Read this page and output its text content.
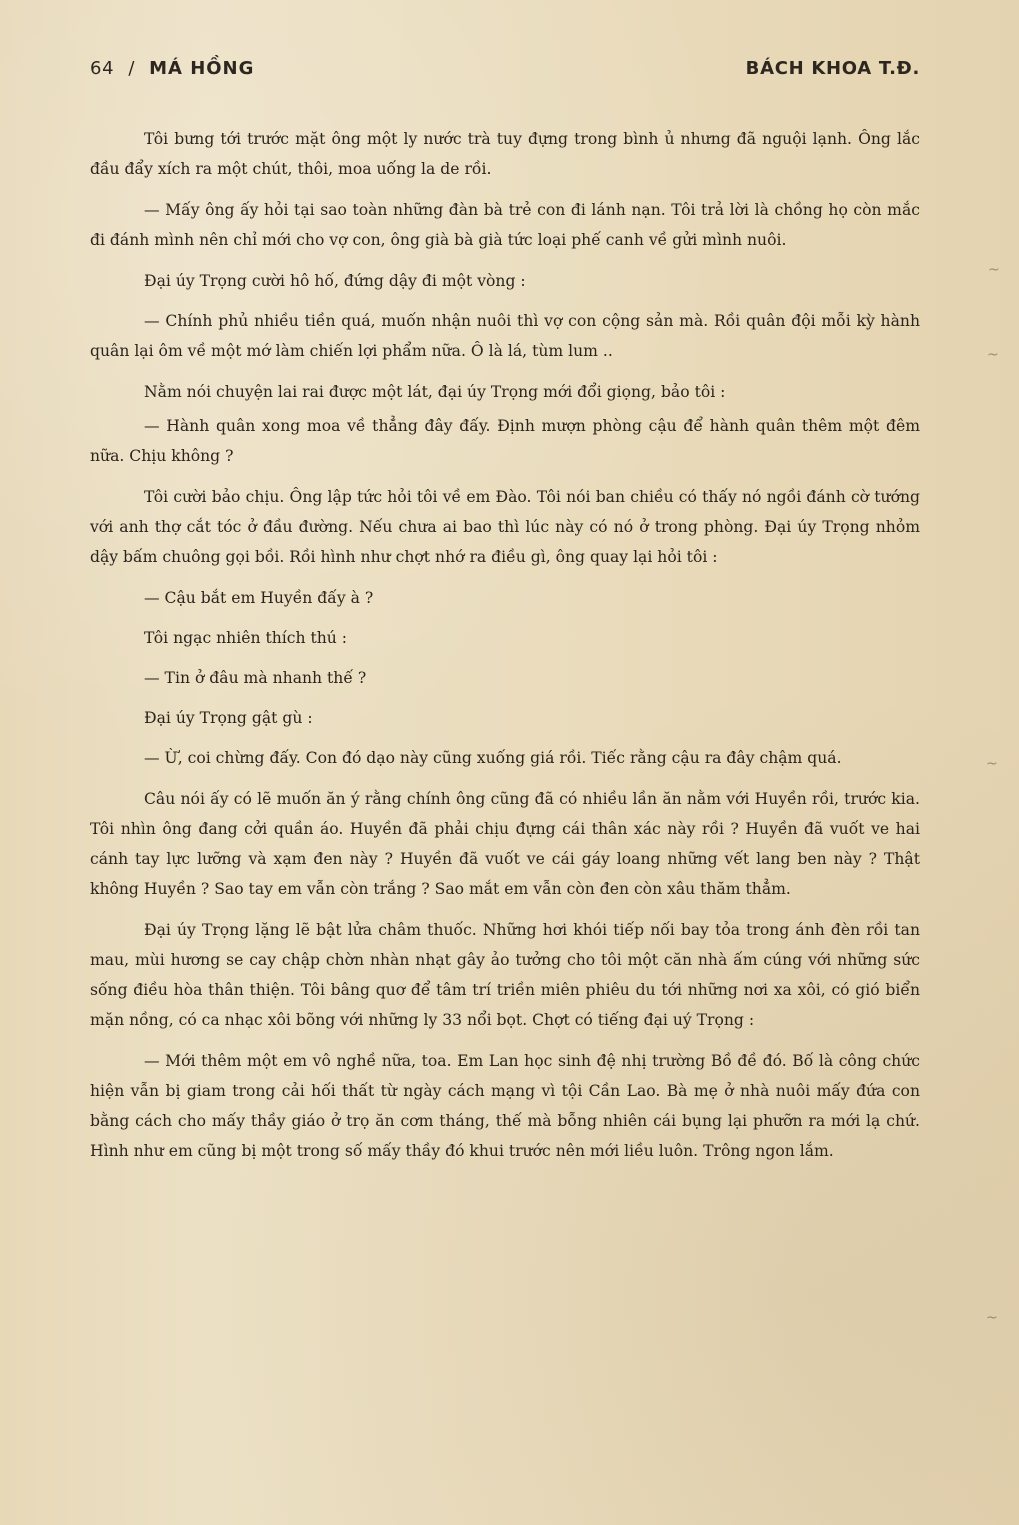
64 / MÁ HỒNG	BÁCH KHOA T.Đ.

Tôi bưng tới trước mặt ông một ly nước trà tuy đựng trong bình ủ nhưng đã nguội lạnh. Ông lắc đầu đẩy xích ra một chút, thôi, moa uống la de rồi.

— Mấy ông ấy hỏi tại sao toàn những đàn bà trẻ con đi lánh nạn. Tôi trả lời là chồng họ còn mắc đi đánh mình nên chỉ mới cho vợ con, ông già bà già tức loại phế canh về gửi mình nuôi.

Đại úy Trọng cười hô hố, đứng dậy đi một vòng :

— Chính phủ nhiều tiền quá, muốn nhận nuôi thì vợ con cộng sản mà. Rồi quân đội mỗi kỳ hành quân lại ôm về một mớ làm chiến lợi phẩm nữa. Ô là lá, tùm lum ..

Nằm nói chuyện lai rai được một lát, đại úy Trọng mới đổi giọng, bảo tôi :

— Hành quân xong moa về thẳng đây đấy. Định mượn phòng cậu để hành quân thêm một đêm nữa. Chịu không ?

Tôi cười bảo chịu. Ông lập tức hỏi tôi về em Đào. Tôi nói ban chiều có thấy nó ngồi đánh cờ tướng với anh thợ cắt tóc ở đầu đường. Nếu chưa ai bao thì lúc này có nó ở trong phòng. Đại úy Trọng nhỏm dậy bấm chuông gọi bồi. Rồi hình như chợt nhớ ra điều gì, ông quay lại hỏi tôi :

— Cậu bắt em Huyền đấy à ?

Tôi ngạc nhiên thích thú :

— Tin ở đâu mà nhanh thế ?

Đại úy Trọng gật gù :

— Ừ, coi chừng đấy. Con đó dạo này cũng xuống giá rồi. Tiếc rằng cậu ra đây chậm quá.

Câu nói ấy có lẽ muốn ăn ý rằng chính ông cũng đã có nhiều lần ăn nằm với Huyền rồi, trước kia. Tôi nhìn ông đang cởi quần áo. Huyền đã phải chịu đựng cái thân xác này rồi ? Huyền đã vuốt ve hai cánh tay lực lưỡng và xạm đen này ? Huyền đã vuốt ve cái gáy loang những vết lang ben này ? Thật không Huyền ? Sao tay em vẫn còn trắng ? Sao mắt em vẫn còn đen còn xâu thăm thẳm.

Đại úy Trọng lặng lẽ bật lửa châm thuốc. Những hơi khói tiếp nối bay tỏa trong ánh đèn rồi tan mau, mùi hương se cay chập chờn nhàn nhạt gây ảo tưởng cho tôi một căn nhà ấm cúng với những sức sống điều hòa thân thiện. Tôi bâng quơ để tâm trí triền miên phiêu du tới những nơi xa xôi, có gió biển mặn nồng, có ca nhạc xôi bõng với những ly 33 nổi bọt. Chợt có tiếng đại uý Trọng :

— Mới thêm một em vô nghề nữa, toa. Em Lan học sinh đệ nhị trường Bồ đề đó. Bố là công chức hiện vẫn bị giam trong cải hối thất từ ngày cách mạng vì tội Cần Lao. Bà mẹ ở nhà nuôi mấy đứa con bằng cách cho mấy thầy giáo ở trọ ăn cơm tháng, thế mà bỗng nhiên cái bụng lại phưỡn ra mới lạ chứ. Hình như em cũng bị một trong số mấy thầy đó khui trước nên mới liều luôn. Trông ngon lắm.

~
~
~
~
